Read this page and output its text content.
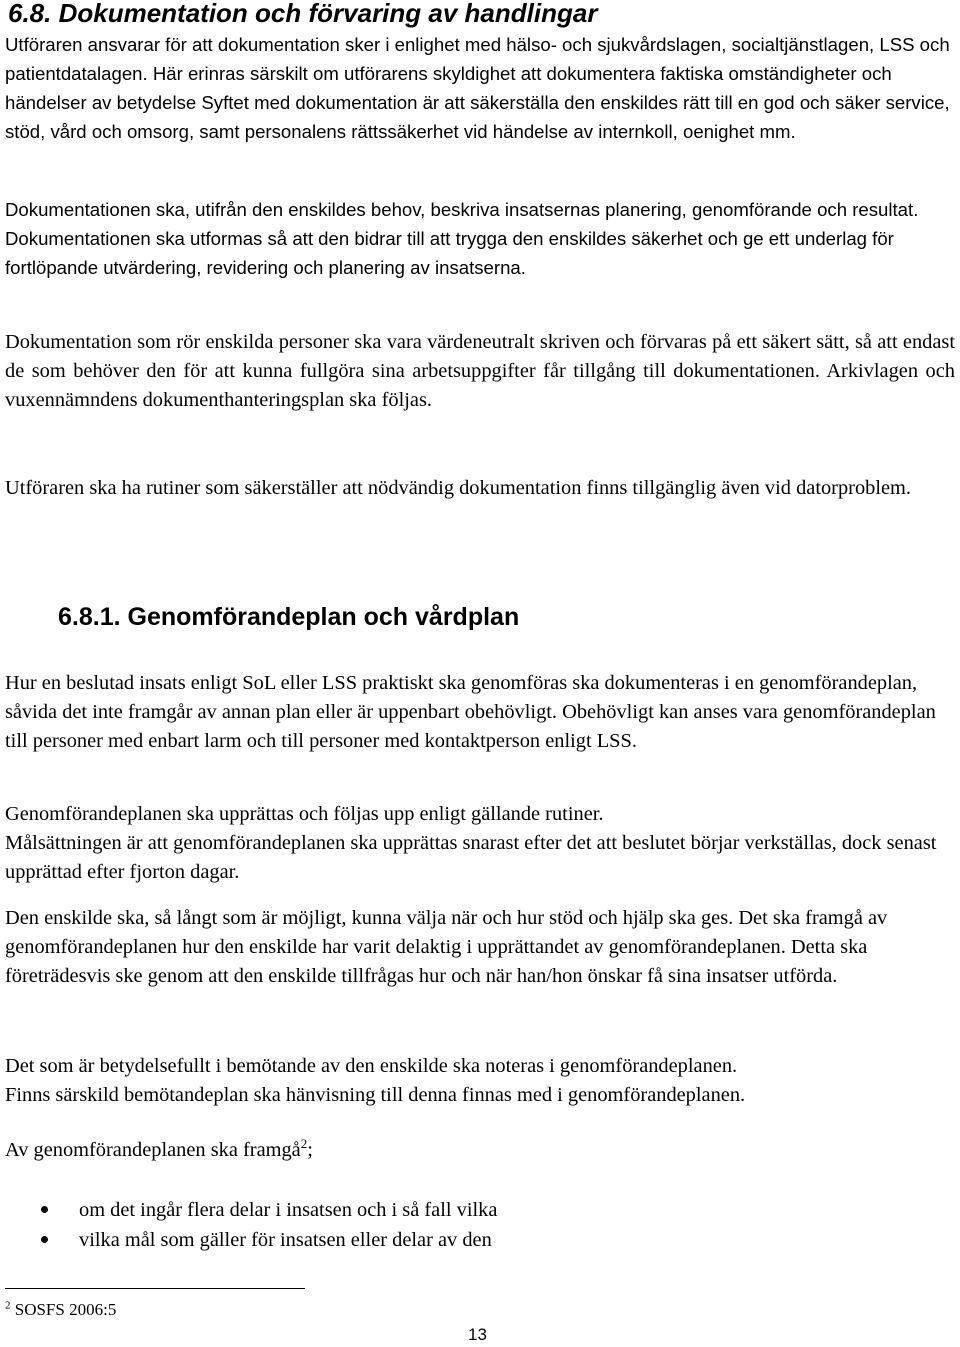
6.8. Dokumentation och förvaring av handlingar

Utföraren ansvarar för att dokumentation sker i enlighet med hälso- och sjukvårdslagen, socialtjänstlagen, LSS och patientdatalagen. Här erinras särskilt om utförarens skyldighet att dokumentera faktiska omständigheter och händelser av betydelse Syftet med dokumentation är att säkerställa den enskildes rätt till en god och säker service, stöd, vård och omsorg, samt personalens rättssäkerhet vid händelse av internkoll, oenighet mm.

Dokumentationen ska, utifrån den enskildes behov, beskriva insatsernas planering, genomförande och resultat. Dokumentationen ska utformas så att den bidrar till att trygga den enskildes säkerhet och ge ett underlag för fortlöpande utvärdering, revidering och planering av insatserna.

Dokumentation som rör enskilda personer ska vara värdeneutralt skriven och förvaras på ett säkert sätt, så att endast de som behöver den för att kunna fullgöra sina arbetsuppgifter får tillgång till dokumentationen. Arkivlagen och vuxennämndens dokumenthanteringsplan ska följas.

Utföraren ska ha rutiner som säkerställer att nödvändig dokumentation finns tillgänglig även vid datorproblem.

6.8.1. Genomförandeplan och vårdplan

Hur en beslutad insats enligt SoL eller LSS praktiskt ska genomföras ska dokumenteras i en genomförandeplan, såvida det inte framgår av annan plan eller är uppenbart obehövligt. Obehövligt kan anses vara genomförandeplan till personer med enbart larm och till personer med kontaktperson enligt LSS.

Genomförandeplanen ska upprättas och följas upp enligt gällande rutiner.
Målsättningen är att genomförandeplanen ska upprättas snarast efter det att beslutet börjar verkställas, dock senast upprättad efter fjorton dagar.

Den enskilde ska, så långt som är möjligt, kunna välja när och hur stöd och hjälp ska ges. Det ska framgå av genomförandeplanen hur den enskilde har varit delaktig i upprättandet av genomförandeplanen. Detta ska företrädesvis ske genom att den enskilde tillfrågas hur och när han/hon önskar få sina insatser utförda.

Det som är betydelsefullt i bemötande av den enskilde ska noteras i genomförandeplanen.
Finns särskild bemötandeplan ska hänvisning till denna finnas med i genomförandeplanen.

Av genomförandeplanen ska framgå$^2$;

om det ingår flera delar i insatsen och i så fall vilka
vilka mål som gäller för insatsen eller delar av den

$^2$ SOSFS 2006:5

13
